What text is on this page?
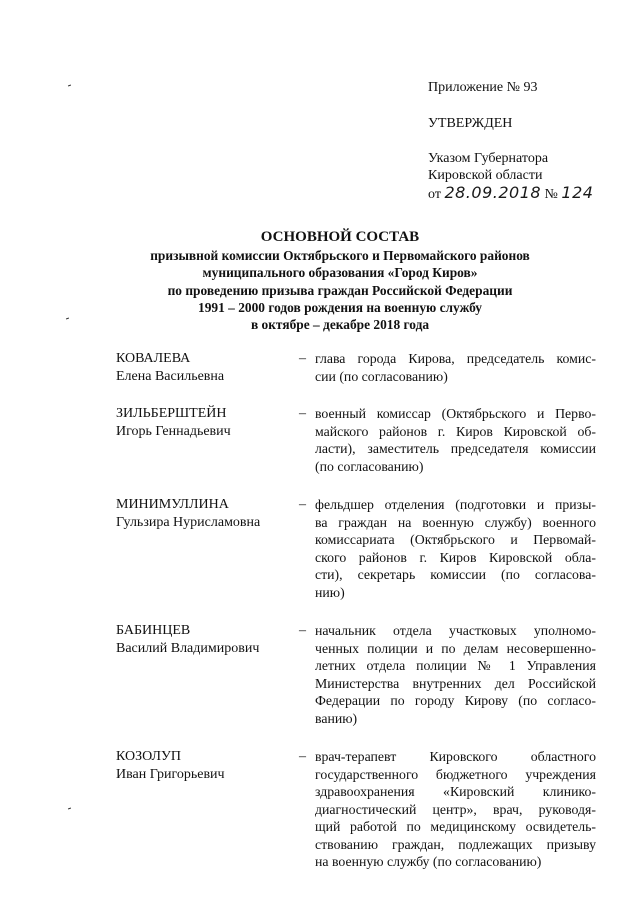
Приложение № 93
УТВЕРЖДЕН
Указом Губернатора
Кировской области
от 28.09.2018 № 124
ОСНОВНОЙ СОСТАВ
призывной комиссии Октябрьского и Первомайского районов
муниципального образования «Город Киров»
по проведению призыва граждан Российской Федерации
1991 – 2000 годов рождения на военную службу
в октябре – декабре 2018 года
КОВАЛЕВА
Елена Васильевна
– глава города Кирова, председатель комис-
сии (по согласованию)
ЗИЛЬБЕРШТЕЙН
Игорь Геннадьевич
– военный комиссар (Октябрьского и Перво-
майского районов г. Киров Кировской об-
ласти), заместитель председателя комиссии
(по согласованию)
МИНИМУЛЛИНА
Гульзира Нурисламовна
– фельдшер отделения (подготовки и призы-
ва граждан на военную службу) военного
комиссариата (Октябрьского и Первомай-
ского районов г. Киров Кировской обла-
сти), секретарь комиссии (по согласова-
нию)
БАБИНЦЕВ
Василий Владимирович
– начальник отдела участковых уполномо-
ченных полиции и по делам несовершенно-
летних отдела полиции № 1 Управления
Министерства внутренних дел Российской
Федерации по городу Кирову (по согласо-
ванию)
КОЗОЛУП
Иван Григорьевич
– врач-терапевт Кировского областного
государственного бюджетного учреждения
здравоохранения «Кировский клинико-
диагностический центр», врач, руководя-
щий работой по медицинскому освидетель-
ствованию граждан, подлежащих призыву
на военную службу (по согласованию)
